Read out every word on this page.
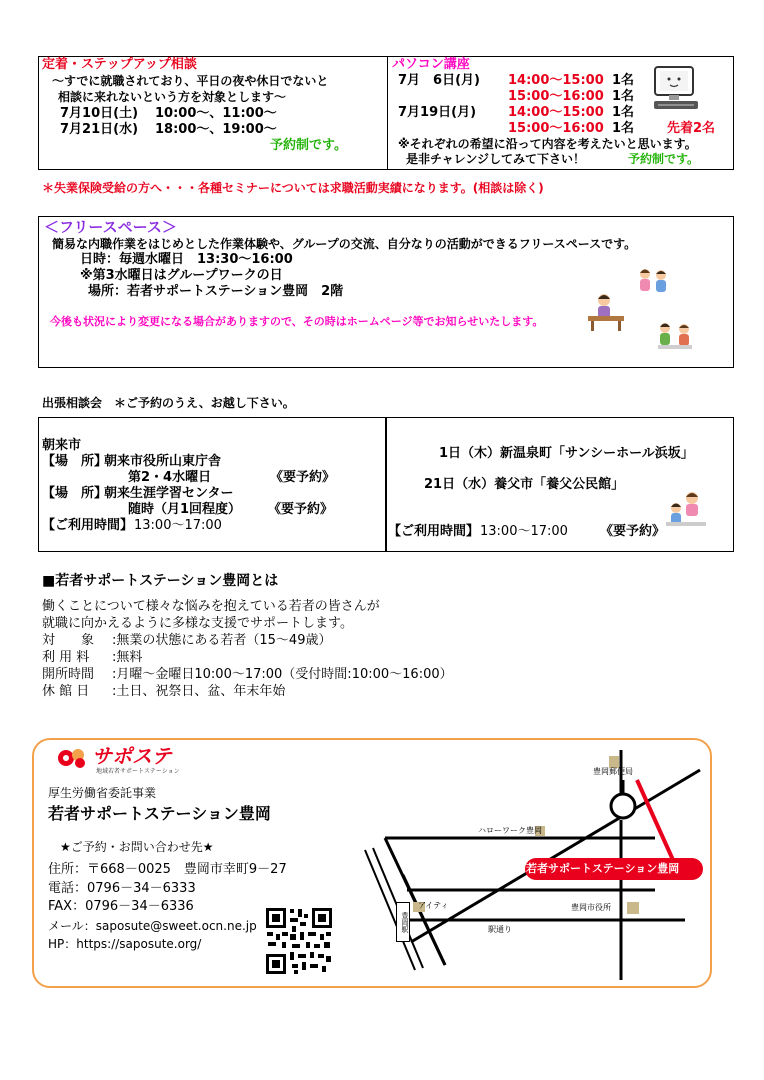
定着・ステップアップ相談
～すでに就職されており、平日の夜や休日でないと
相談に来れないという方を対象とします～
7月10日(土) 10:00～、11:00～
7月21日(水) 18:00～、19:00～
予約制です。
パソコン講座
7月　6日(月) 14:00～15:00 1名
15:00～16:00 1名
7月19日(月) 14:00～15:00 1名
15:00～16:00 1名	先着2名
※それぞれの希望に沿って内容を考えたいと思います。
是非チャレンジしてみて下さい！	予約制です。
＊失業保険受給の方へ・・・各種セミナーについては求職活動実績になります。(相談は除く)
＜フリースペース＞
簡易な内職作業をはじめとした作業体験や、グループの交流、自分なりの活動ができるフリースペースです。
日時：毎週水曜日　13:30～16:00
※第3水曜日はグループワークの日
場所：若者サポートステーション豊岡　2階
今後も状況により変更になる場合がありますので、その時はホームページ等でお知らせいたします。
出張相談会　＊ご予約のうえ、お越し下さい。
朝来市
【場　所】
朝来市役所山東庁舎
第2・4水曜日	《要予約》
【場　所】
朝来生涯学習センター
随時（月1回程度） 《要予約》
【ご利用時間】 13:00～17:00
1日（木）新温泉町「サンシーホール浜坂」
21日（水）養父市「養父公民館」
【ご利用時間】 13:00～17:00 《要予約》
■若者サポートステーション豊岡とは
働くことについて様々な悩みを抱えている若者の皆さんが
就職に向かえるように多様な支援でサポートします。
対　　象 :無業の状態にある若者（15～49歳）
利 用 料 :無料
開所時間 :月曜～金曜日10:00～17:00（受付時間:10:00～16:00）
休 館 日 :土日、祝祭日、盆、年末年始
サポステ
地域若者サポートステーション
厚生労働省委託事業
若者サポートステーション豊岡
★ご予約・お問い合わせ先★
住所：〒668－0025　豊岡市幸町9－27
電話：0796－34－6333
FAX：0796－34－6336
メール：saposute@sweet.ocn.ne.jp
HP：https://saposute.org/
豊岡郵便局
ハローワーク豊岡
若者サポートステーション豊岡
アイティ	豊岡市役所
駅通り
豊岡駅
